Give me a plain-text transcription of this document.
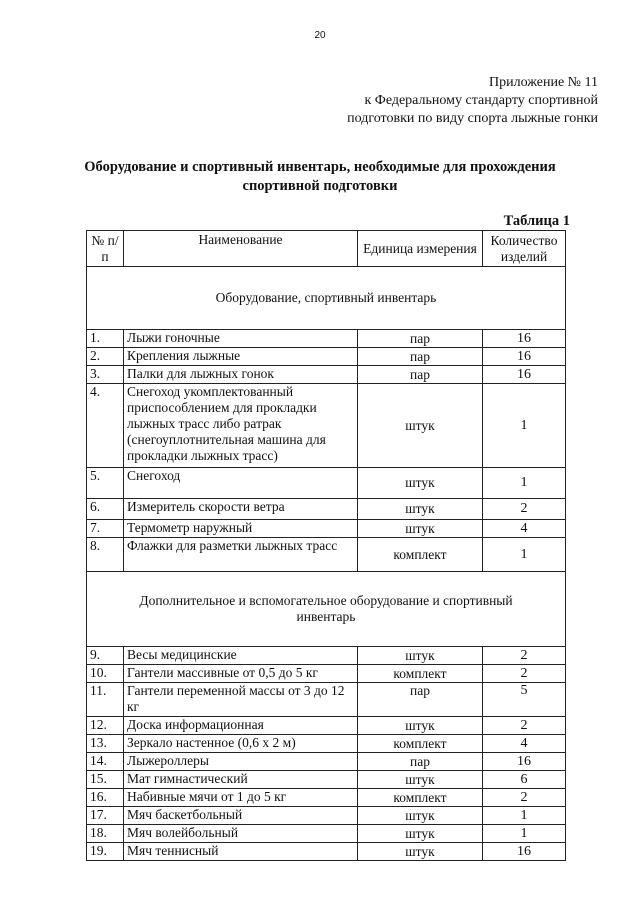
20
Приложение № 11
к Федеральному стандарту спортивной
подготовки по виду спорта лыжные гонки
Оборудование и спортивный инвентарь, необходимые для прохождения
спортивной подготовки
Таблица 1
№ п/п	Наименование	Единица измерения	Количество изделий
Оборудование, спортивный инвентарь			
1.	Лыжи гоночные	пар	16
2.	Крепления лыжные	пар	16
3.	Палки для лыжных гонок	пар	16
4.	Снегоход укомплектованный приспособлением для прокладки лыжных трасс либо ратрак (снегоуплотнительная машина для прокладки лыжных трасс)	штук	1
5.	Снегоход	штук	1
6.	Измеритель скорости ветра	штук	2
7.	Термометр наружный	штук	4
8.	Флажки для разметки лыжных трасс	комплект	1
Дополнительное и вспомогательное оборудование и спортивный инвентарь			
9.	Весы медицинские	штук	2
10.	Гантели массивные от 0,5 до 5 кг	комплект	2
11.	Гантели переменной массы от 3 до 12 кг	пар	5
12.	Доска информационная	штук	2
13.	Зеркало настенное (0,6 х 2 м)	комплект	4
14.	Лыжероллеры	пар	16
15.	Мат гимнастический	штук	6
16.	Набивные мячи от 1 до 5 кг	комплект	2
17.	Мяч баскетбольный	штук	1
18.	Мяч волейбольный	штук	1
19.	Мяч теннисный	штук	16
